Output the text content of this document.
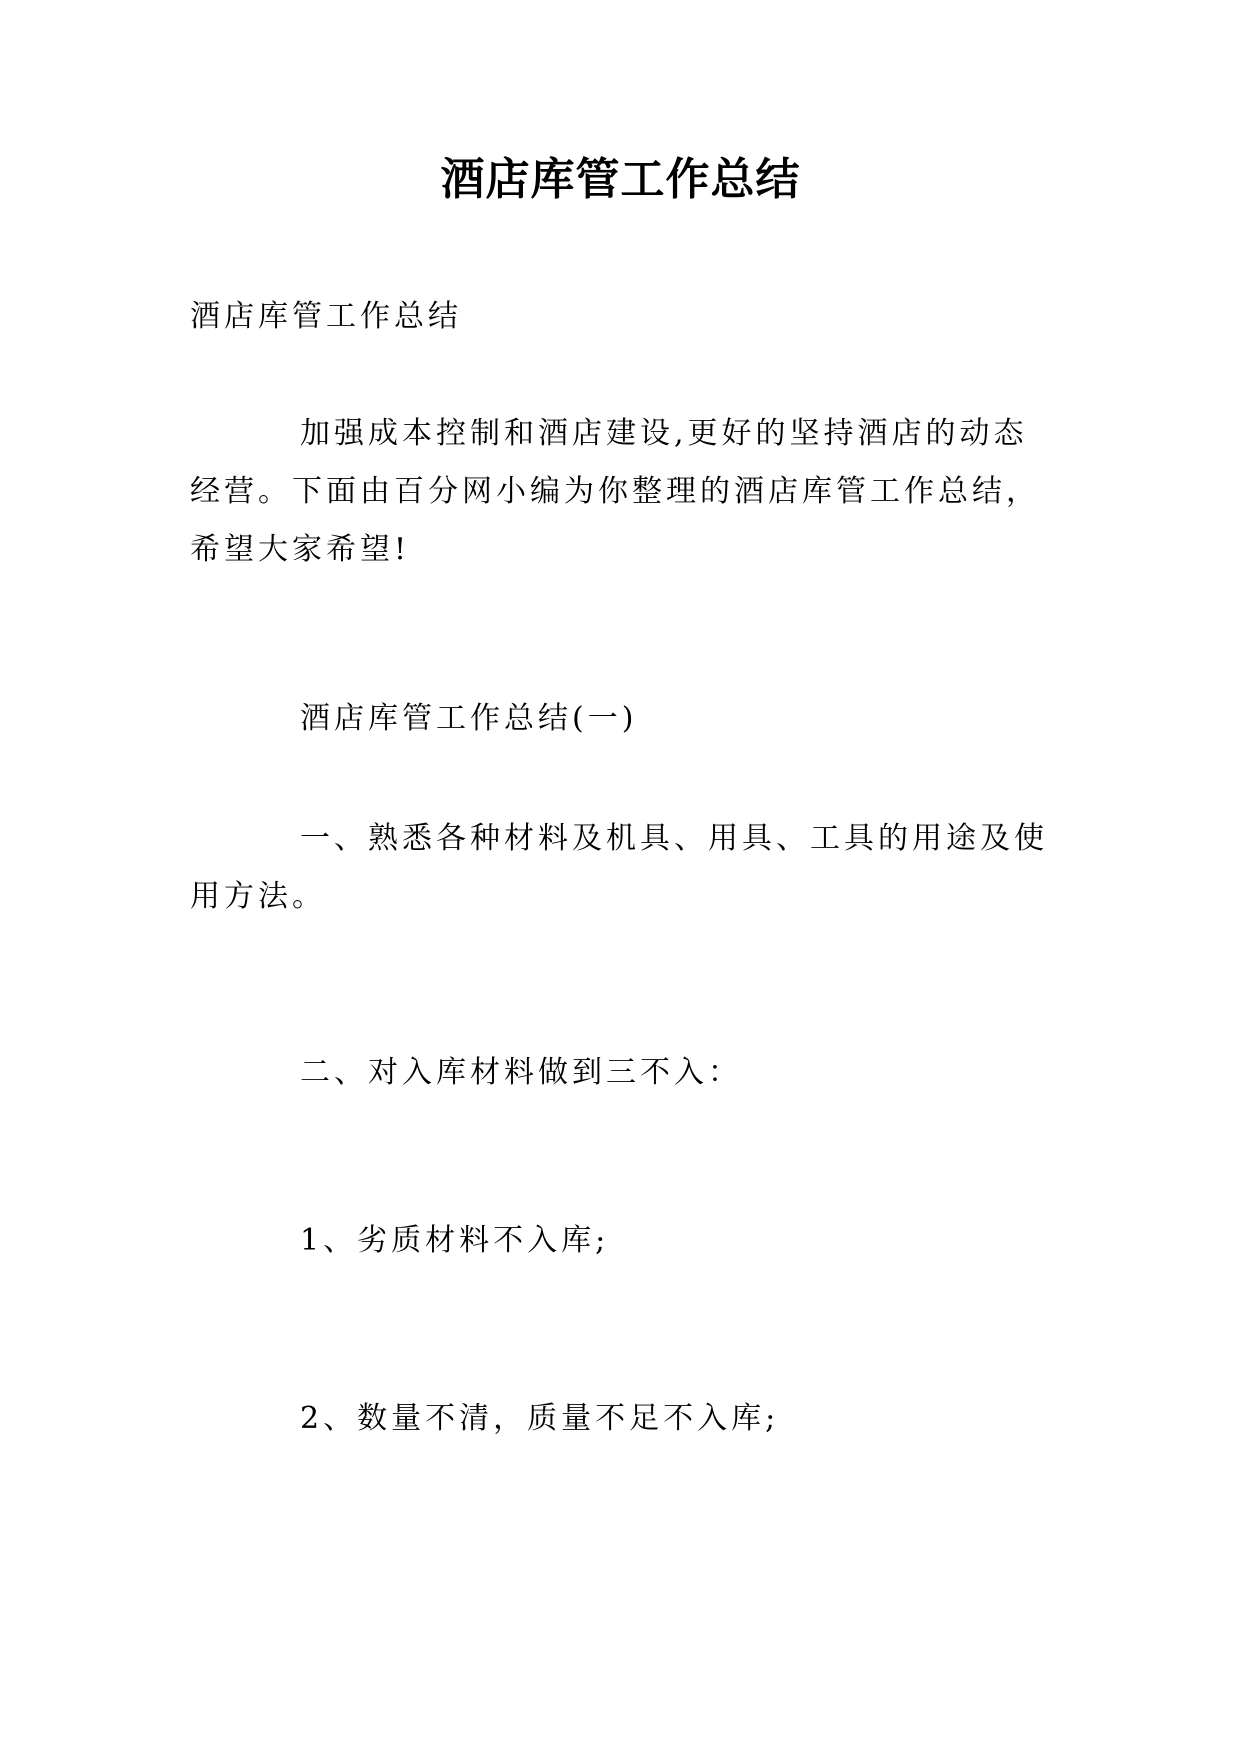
酒店库管工作总结

酒店库管工作总结

加强成本控制和酒店建设,更好的坚持酒店的动态经营。下面由百分网小编为你整理的酒店库管工作总结，希望大家希望!

酒店库管工作总结(一)

一、熟悉各种材料及机具、用具、工具的用途及使用方法。

二、对入库材料做到三不入：

1、劣质材料不入库;

2、数量不清，质量不足不入库;
